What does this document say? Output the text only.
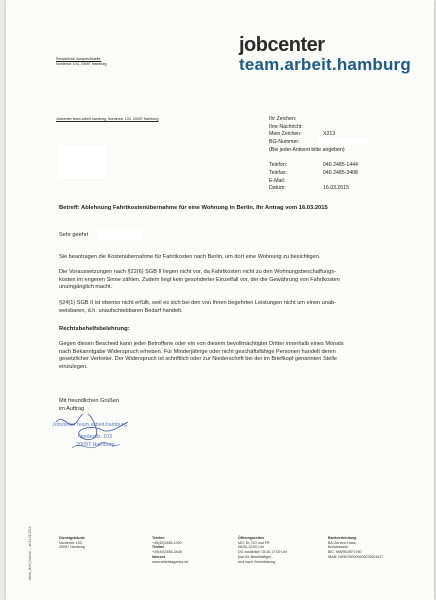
jobcenter
team.arbeit.hamburg
Persönliche Vorsprechstelle:
Norderstr. 103, 20097 Hamburg
Jobcenter team.arbeit.hamburg, Norderstr. 103, 20097 Hamburg	Ihr Zeichen:
Ihre Nachricht:
Mein Zeichen:	X213
BG-Nummer:
(Bei jeder Antwort bitte angeben)
Telefon:	040 2485-1444
Telefax:	040 2485-3408
E-Mail:
Datum:	16.03.2015
Betreff: Ablehnung Fahrtkostenübernahme für eine Wohnung in Berlin, Ihr Antrag vom 16.03.2015
Sehr geehrt
Sie beantragen die Kostenübernahme für Fahrtkosten nach Berlin, um dort eine Wohnung zu besichtigen.
Die Voraussetzungen nach §22(6) SGB II liegen nicht vor, da Fahrtkosten nicht zu den Wohnungsbeschaffungs-
kosten im engeren Sinne zählen. Zudem liegt kein gesonderter Einzelfall vor, der die Gewährung von Fahrtkosten
unumgänglich macht.
§24(1) SGB II ist ebenso nicht erfüllt, weil es sich bei den von Ihnen begehrten Leistungen nicht um einen unab-
weisbaren, d.h. unaufschiebbaren Bedarf handelt.
Rechtsbehelfsbelehrung:
Gegen diesen Bescheid kann jeder Betroffene oder ein von diesem bevollmächtigter Dritter innerhalb eines Monats
nach Bekanntgabe Widerspruch erheben. Für Minderjährige oder nicht geschäftsfähige Personen handelt deren
gesetzlicher Vertreter. Der Widerspruch ist schriftlich oder zur Niederschrift bei der im Briefkopf genannten Stelle
einzulegen.
Mit freundlichen Grüßen
im Auftrag
Jobcenter team.arbeit.hamburg
Norderstr. 103
20097 Hamburg
dtbsw_Brief_Neutral ... ab 01.01.2014	Dienstgebäude
Norderstr. 103
20097 Hamburg
Telefon
+49(40)2485-1000
Telefax
+49(40)2485-3408
Internet
www.arbeitsagentur.de
Öffnungszeiten
MO, DI, DO und FR
08:00-12:00 Uhr
DO zusätzlich 15:30-17:00 Uhr
(nur für Berufstätige)
und nach Vereinbarung
Bankverbindung
BA-Service-Haus
Bundesbank
BIC: MARKDEF1760
IBAN: DE50760000000076001617
